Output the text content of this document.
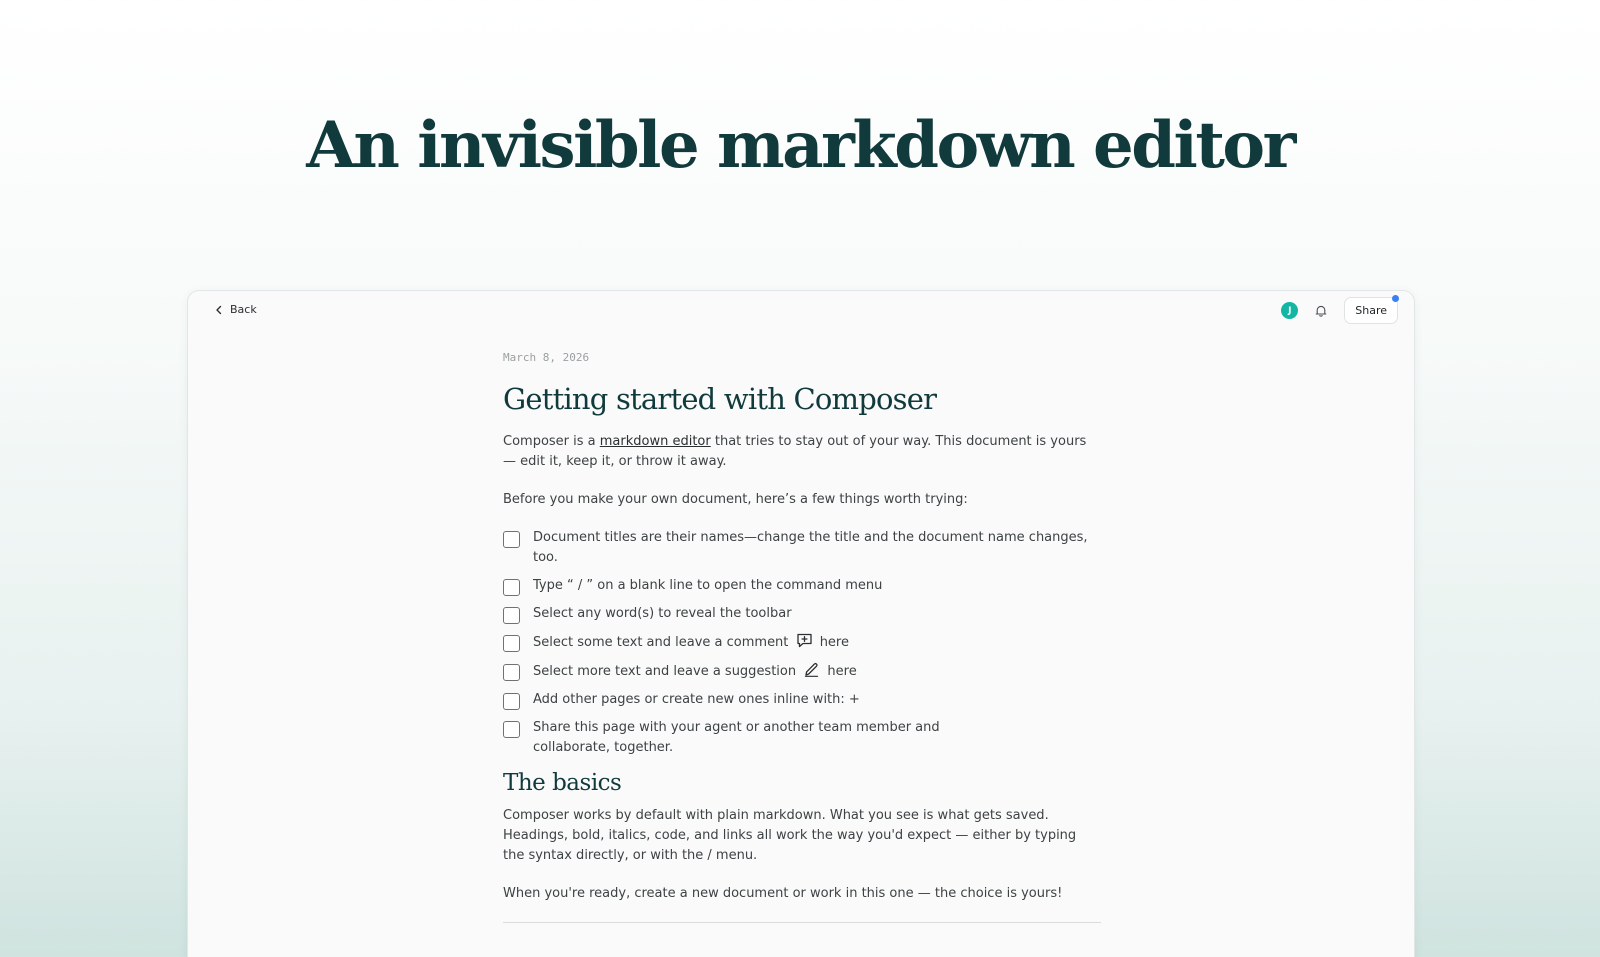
An invisible markdown editor
Back	J	Share
March 8, 2026
Getting started with Composer

Composer is a markdown editor that tries to stay out of your way. This document is yours — edit it, keep it, or throw it away.

Before you make your own document, here’s a few things worth trying:

Document titles are their names—change the title and the document name changes, too.
Type “ / ” on a blank line to open the command menu
Select any word(s) to reveal the toolbar
Select some text and leave a comment here
Select more text and leave a suggestion here
Add other pages or create new ones inline with: +
Share this page with your agent or another team member and collaborate, together.
The basics

Composer works by default with plain markdown. What you see is what gets saved. Headings, bold, italics, code, and links all work the way you'd expect — either by typing the syntax directly, or with the / menu.

When you're ready, create a new document or work in this one — the choice is yours!
